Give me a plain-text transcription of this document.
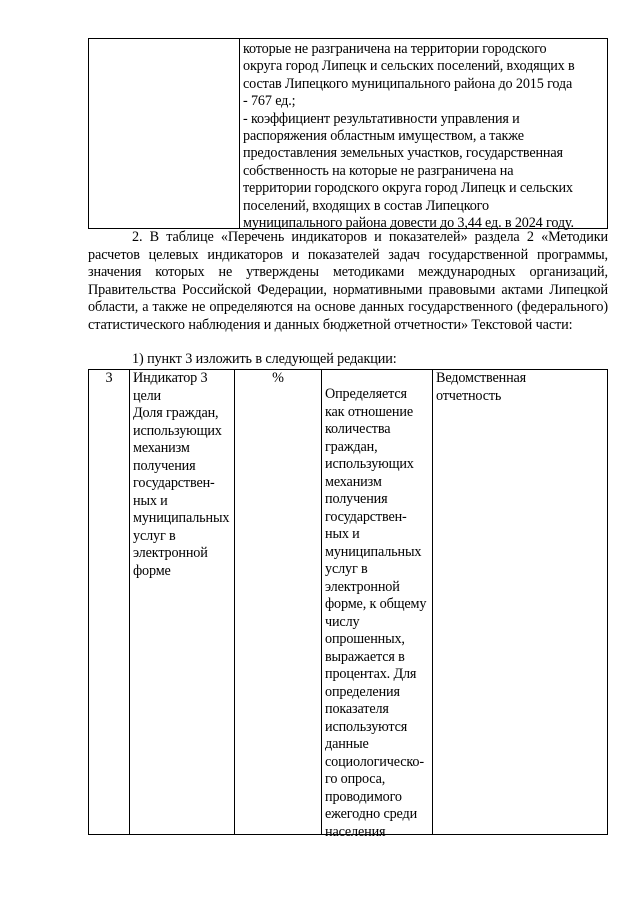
которые не разграничена на территории городского
округа город Липецк и сельских поселений, входящих в
состав Липецкого муниципального района до 2015 года
- 767 ед.;
- коэффициент результативности управления и
распоряжения областным имуществом, а также
предоставления земельных участков, государственная
собственность на которые не разграничена на
территории городского округа город Липецк и сельских
поселений, входящих в состав Липецкого
муниципального района довести до 3,44 ед. в 2024 году.
2. В таблице «Перечень индикаторов и показателей» раздела 2 «Методики расчетов целевых индикаторов и показателей задач государственной программы, значения которых не утверждены методиками международных организаций, Правительства Российской Федерации, нормативными правовыми актами Липецкой области, а также не определяются на основе данных государственного (федерального) статистического наблюдения и данных бюджетной отчетности» Текстовой части:
1) пункт 3 изложить в следующей редакции:
3	Индикатор 3
цели
Доля граждан,
использующих
механизм
получения
государствен-
ных и
муниципальных
услуг в
электронной
форме
%
Определяется
как отношение
количества
граждан,
использующих
механизм
получения
государствен-
ных и
муниципальных
услуг в
электронной
форме, к общему
числу
опрошенных,
выражается в
процентах. Для
определения
показателя
используются
данные
социологическо-
го опроса,
проводимого
ежегодно среди
населения
Ведомственная
отчетность
